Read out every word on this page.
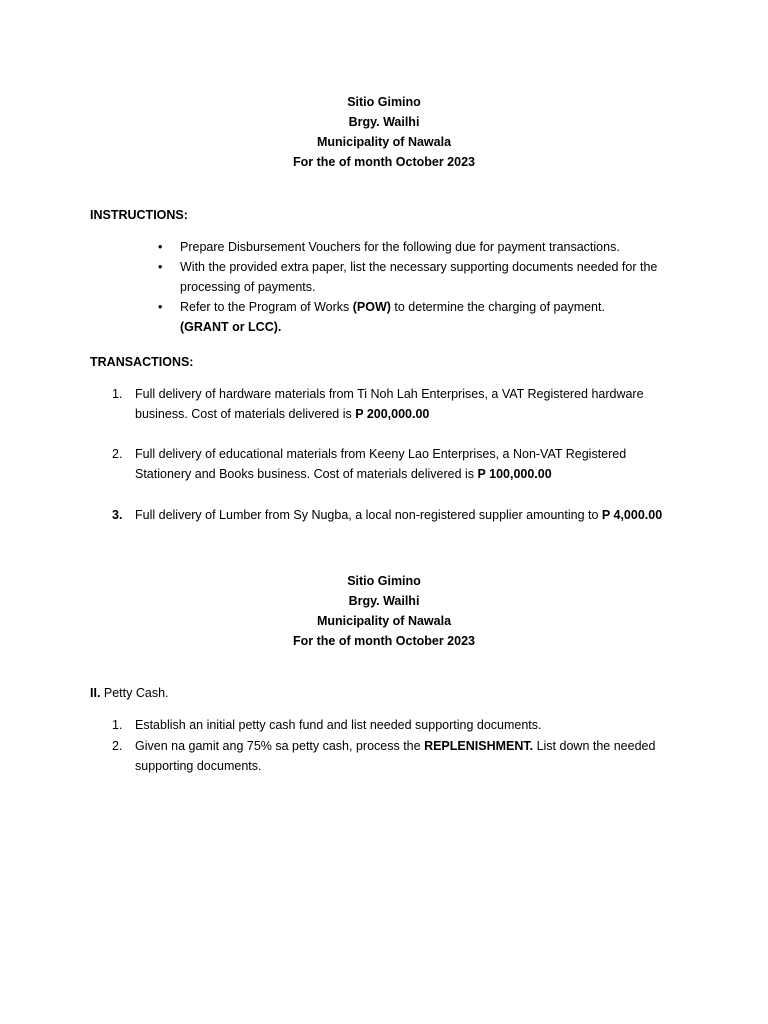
Sitio Gimino
Brgy. Wailhi
Municipality of Nawala
For the of month October 2023
INSTRUCTIONS:
• Prepare Disbursement Vouchers for the following due for payment transactions.
• With the provided extra paper, list the necessary supporting documents needed for the processing of payments.
• Refer to the Program of Works (POW) to determine the charging of payment.
(GRANT or LCC).
TRANSACTIONS:
1. Full delivery of hardware materials from Ti Noh Lah Enterprises, a VAT Registered hardware business. Cost of materials delivered is P 200,000.00
2. Full delivery of educational materials from Keeny Lao Enterprises, a Non-VAT Registered Stationery and Books business. Cost of materials delivered is P 100,000.00
3. Full delivery of Lumber from Sy Nugba, a local non-registered supplier amounting to P 4,000.00
Sitio Gimino
Brgy. Wailhi
Municipality of Nawala
For the of month October 2023
II. Petty Cash.
1. Establish an initial petty cash fund and list needed supporting documents.
2. Given na gamit ang 75% sa petty cash, process the REPLENISHMENT. List down the needed supporting documents.
